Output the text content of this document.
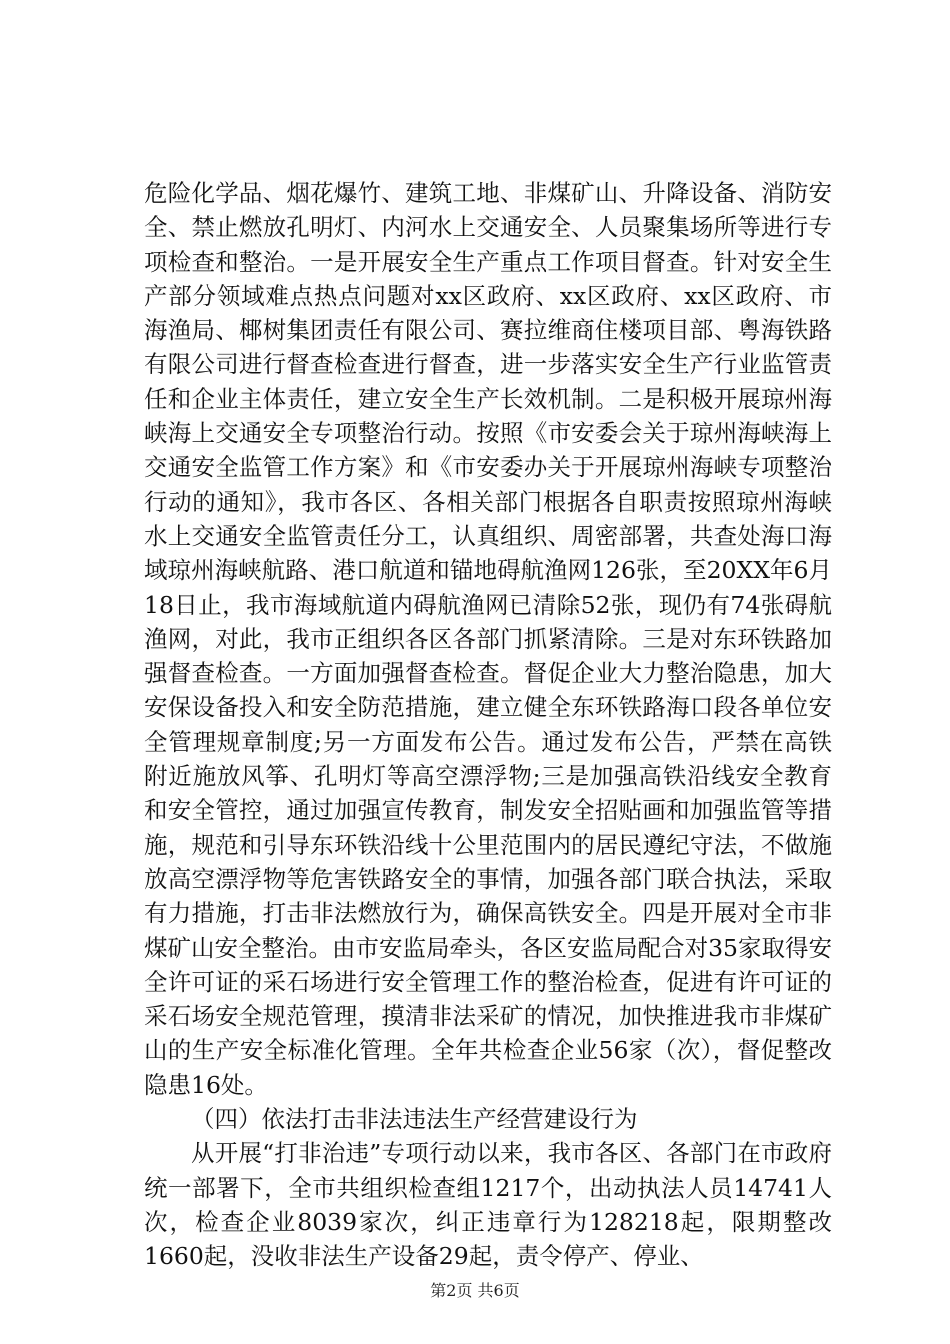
危险化学品、烟花爆竹、建筑工地、非煤矿山、升降设备、消防安全、禁止燃放孔明灯、内河水上交通安全、人员聚集场所等进行专项检查和整治。一是开展安全生产重点工作项目督查。针对安全生产部分领域难点热点问题对xx区政府、xx区政府、xx区政府、市海渔局、椰树集团责任有限公司、赛拉维商住楼项目部、粤海铁路有限公司进行督查检查进行督查，进一步落实安全生产行业监管责任和企业主体责任，建立安全生产长效机制。二是积极开展琼州海峡海上交通安全专项整治行动。按照《市安委会关于琼州海峡海上交通安全监管工作方案》和《市安委办关于开展琼州海峡专项整治行动的通知》，我市各区、各相关部门根据各自职责按照琼州海峡水上交通安全监管责任分工，认真组织、周密部署，共查处海口海域琼州海峡航路、港口航道和锚地碍航渔网126张，至20XX年6月18日止，我市海域航道内碍航渔网已清除52张，现仍有74张碍航渔网，对此，我市正组织各区各部门抓紧清除。三是对东环铁路加强督查检查。一方面加强督查检查。督促企业大力整治隐患，加大安保设备投入和安全防范措施，建立健全东环铁路海口段各单位安全管理规章制度;另一方面发布公告。通过发布公告，严禁在高铁附近施放风筝、孔明灯等高空漂浮物;三是加强高铁沿线安全教育和安全管控，通过加强宣传教育，制发安全招贴画和加强监管等措施，规范和引导东环铁沿线十公里范围内的居民遵纪守法，不做施放高空漂浮物等危害铁路安全的事情，加强各部门联合执法，采取有力措施，打击非法燃放行为，确保高铁安全。四是开展对全市非煤矿山安全整治。由市安监局牵头，各区安监局配合对35家取得安全许可证的采石场进行安全管理工作的整治检查，促进有许可证的采石场安全规范管理，摸清非法采矿的情况，加快推进我市非煤矿山的生产安全标准化管理。全年共检查企业56家（次），督促整改隐患16处。

（四）依法打击非法违法生产经营建设行为

从开展“打非治违”专项行动以来，我市各区、各部门在市政府统一部署下，全市共组织检查组1217个，出动执法人员14741人次，检查企业8039家次，纠正违章行为128218起，限期整改1660起，没收非法生产设备29起，责令停产、停业、

第2页 共6页
